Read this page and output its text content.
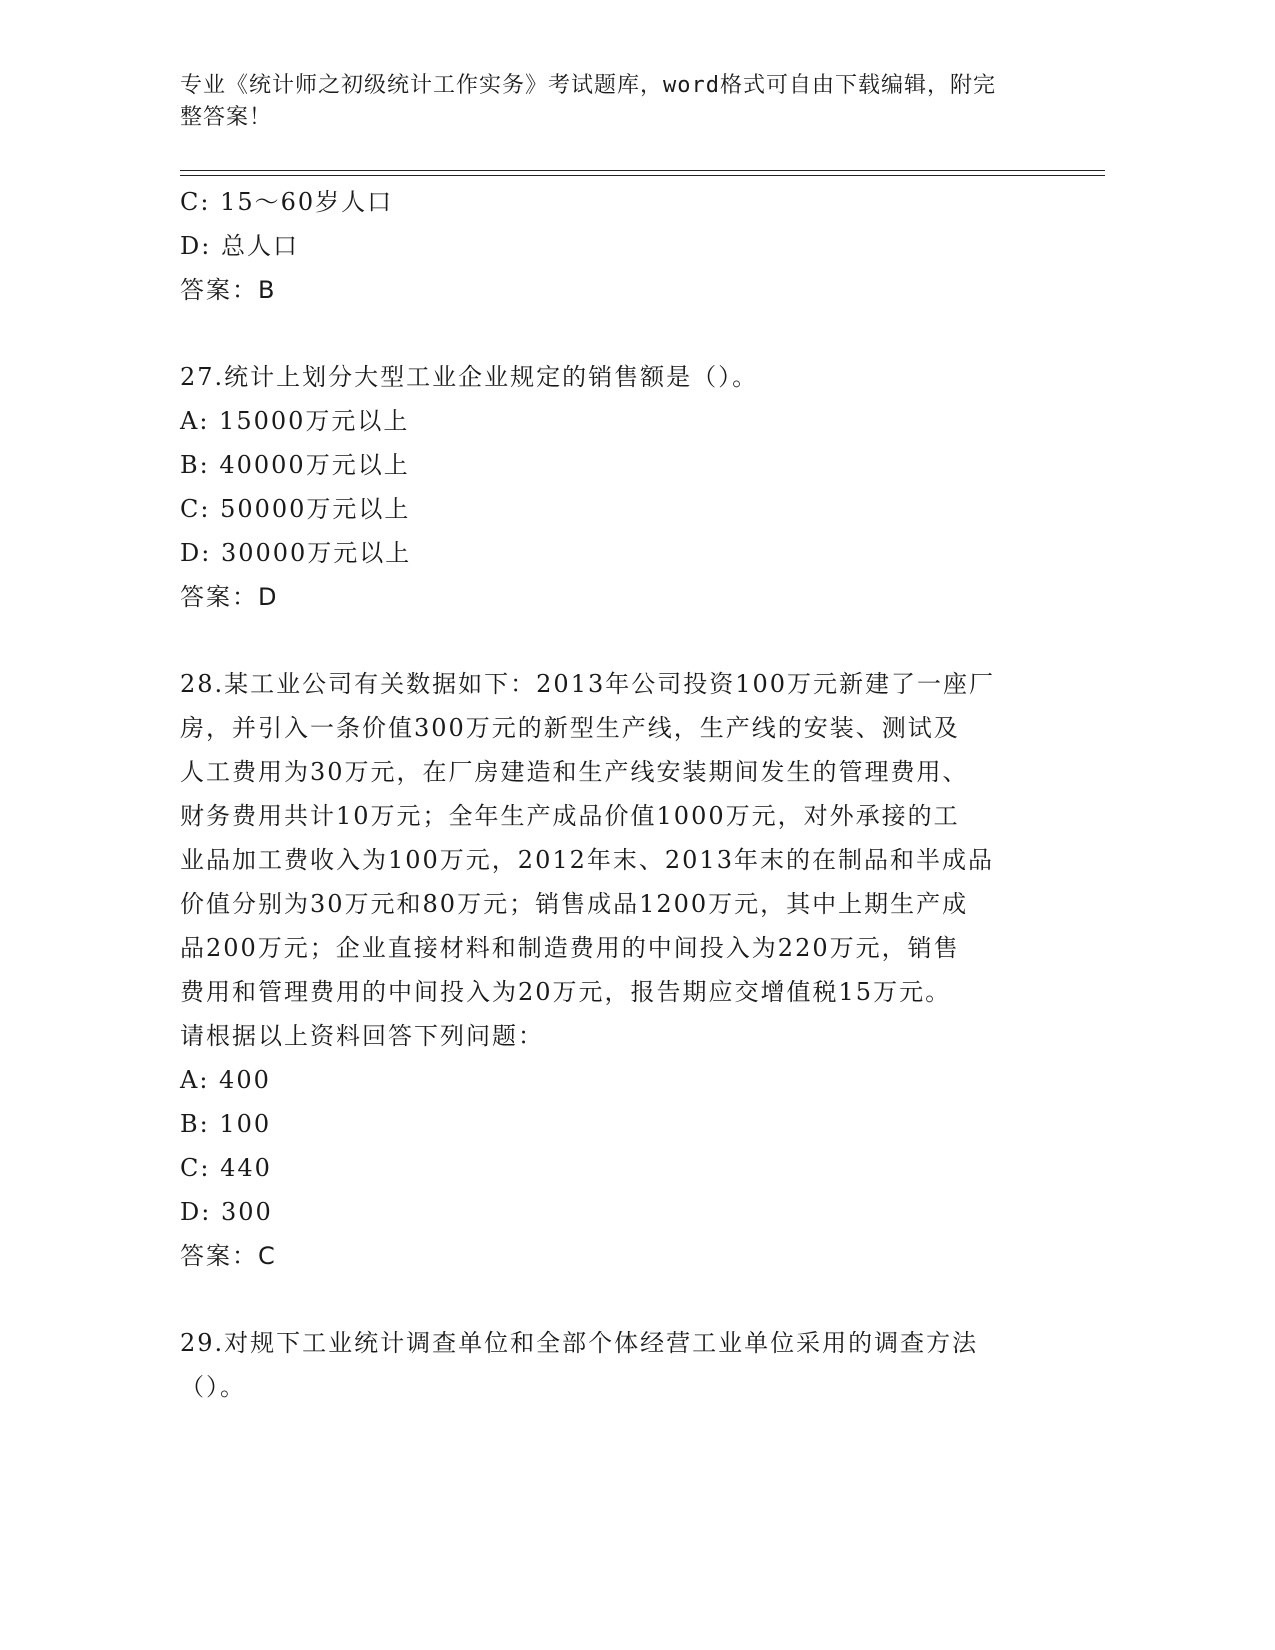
专业《统计师之初级统计工作实务》考试题库，word格式可自由下载编辑，附完
整答案！
C: 15～60岁人口
D: 总人口
答案：B
27.统计上划分大型工业企业规定的销售额是（）。
A: 15000万元以上
B: 40000万元以上
C: 50000万元以上
D: 30000万元以上
答案：D
28.某工业公司有关数据如下：2013年公司投资100万元新建了一座厂
房，并引入一条价值300万元的新型生产线，生产线的安装、测试及
人工费用为30万元，在厂房建造和生产线安装期间发生的管理费用、
财务费用共计10万元；全年生产成品价值1000万元，对外承接的工
业品加工费收入为100万元，2012年末、2013年末的在制品和半成品
价值分别为30万元和80万元；销售成品1200万元，其中上期生产成
品200万元；企业直接材料和制造费用的中间投入为220万元，销售
费用和管理费用的中间投入为20万元，报告期应交增值税15万元。
请根据以上资料回答下列问题：
A: 400
B: 100
C: 440
D: 300
答案：C
29.对规下工业统计调查单位和全部个体经营工业单位采用的调查方法
（）。
